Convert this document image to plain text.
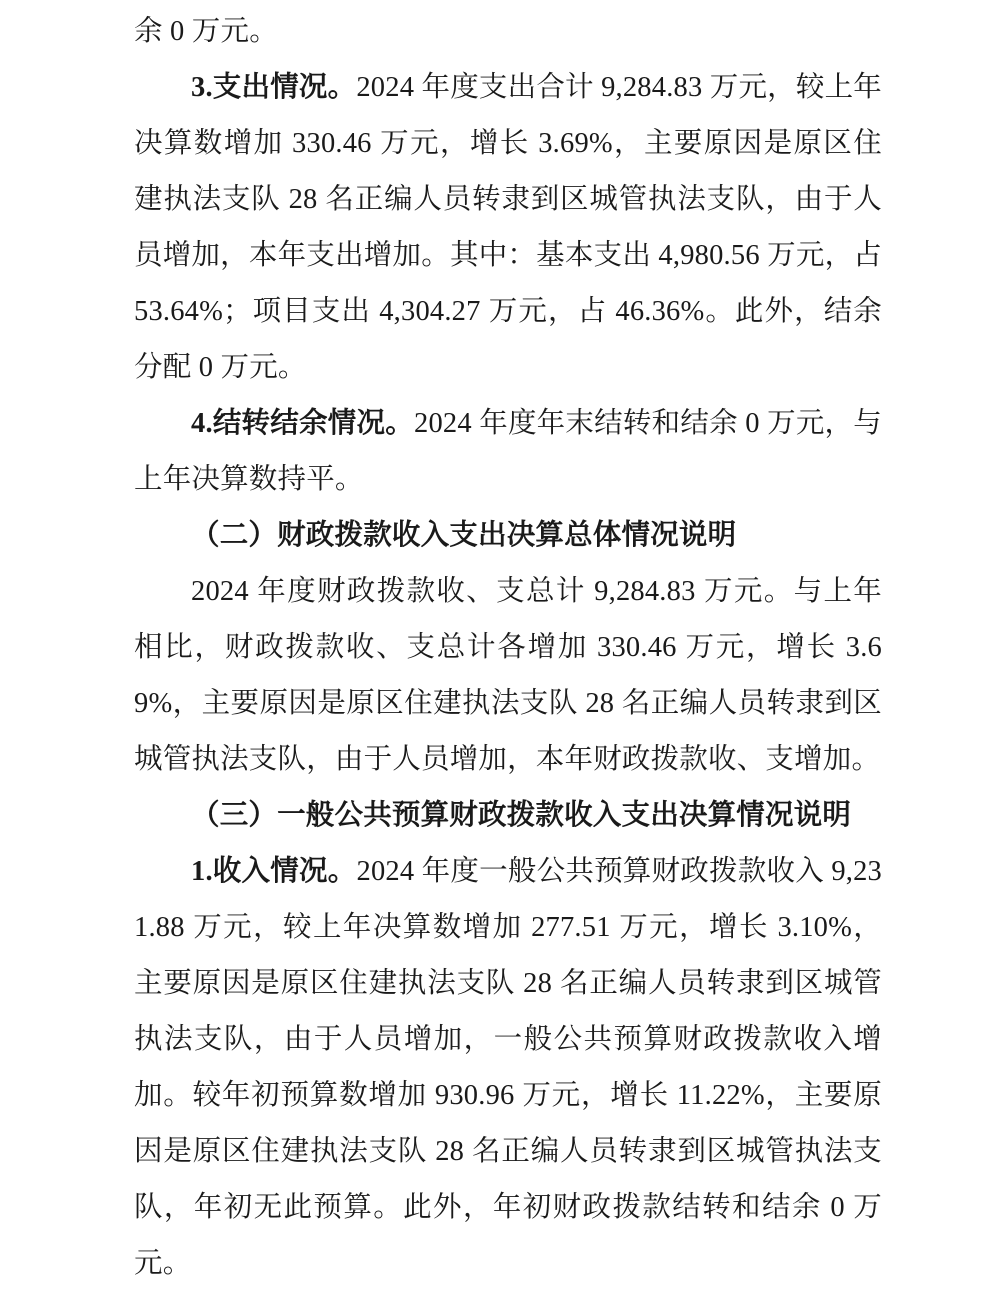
余 0 万元。

3.支出情况。2024 年度支出合计 9,284.83 万元，较上年决算数增加 330.46 万元，增长 3.69%，主要原因是原区住建执法支队 28 名正编人员转隶到区城管执法支队，由于人员增加，本年支出增加。其中：基本支出 4,980.56 万元，占 53.64%；项目支出 4,304.27 万元，占 46.36%。此外，结余分配 0 万元。

4.结转结余情况。2024 年度年末结转和结余 0 万元，与上年决算数持平。

（二）财政拨款收入支出决算总体情况说明

2024 年度财政拨款收、支总计 9,284.83 万元。与上年相比，财政拨款收、支总计各增加 330.46 万元，增长 3.69%，主要原因是原区住建执法支队 28 名正编人员转隶到区城管执法支队，由于人员增加，本年财政拨款收、支增加。

（三）一般公共预算财政拨款收入支出决算情况说明

1.收入情况。2024 年度一般公共预算财政拨款收入 9,231.88 万元，较上年决算数增加 277.51 万元，增长 3.10%，主要原因是原区住建执法支队 28 名正编人员转隶到区城管执法支队，由于人员增加，一般公共预算财政拨款收入增加。较年初预算数增加 930.96 万元，增长 11.22%，主要原因是原区住建执法支队 28 名正编人员转隶到区城管执法支队，年初无此预算。此外，年初财政拨款结转和结余 0 万元。
